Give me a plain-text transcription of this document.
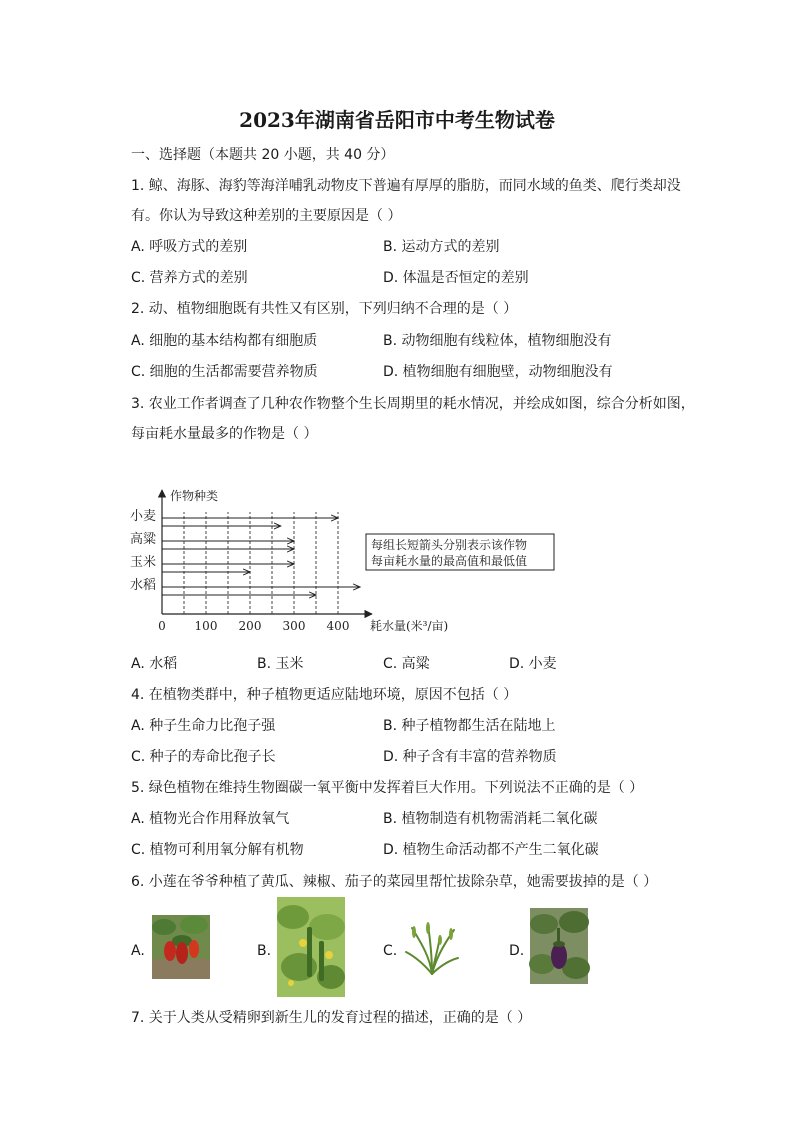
2023年湖南省岳阳市中考生物试卷
一、选择题（本题共 20 小题，共 40 分）
1. 鲸、海豚、海豹等海洋哺乳动物皮下普遍有厚厚的脂肪，而同水域的鱼类、爬行类却没
有。你认为导致这种差别的主要原因是（ ）
A. 呼吸方式的差别	B. 运动方式的差别
C. 营养方式的差别	D. 体温是否恒定的差别
2. 动、植物细胞既有共性又有区别，下列归纳不合理的是（ ）
A. 细胞的基本结构都有细胞质	B. 动物细胞有线粒体，植物细胞没有
C. 细胞的生活都需要营养物质	D. 植物细胞有细胞壁，动物细胞没有
3. 农业工作者调查了几种农作物整个生长周期里的耗水情况，并绘成如图，综合分析如图，
每亩耗水量最多的作物是（ ）
作物种类
耗水量(米³/亩)
0 100 200 300 400
小麦
高粱
玉米
水稻
每组长短箭头分别表示该作物
每亩耗水量的最高值和最低值
A. 水稻	B. 玉米	C. 高粱	D. 小麦
4. 在植物类群中，种子植物更适应陆地环境，原因不包括（ ）
A. 种子生命力比孢子强	B. 种子植物都生活在陆地上
C. 种子的寿命比孢子长	D. 种子含有丰富的营养物质
5. 绿色植物在维持生物圈碳一氧平衡中发挥着巨大作用。下列说法不正确的是（ ）
A. 植物光合作用释放氧气	B. 植物制造有机物需消耗二氧化碳
C. 植物可利用氧分解有机物	D. 植物生命活动都不产生二氧化碳
6. 小莲在爷爷种植了黄瓜、辣椒、茄子的菜园里帮忙拔除杂草，她需要拔掉的是（ ）
A.	B.	C.	D.
7. 关于人类从受精卵到新生儿的发育过程的描述，正确的是（ ）
